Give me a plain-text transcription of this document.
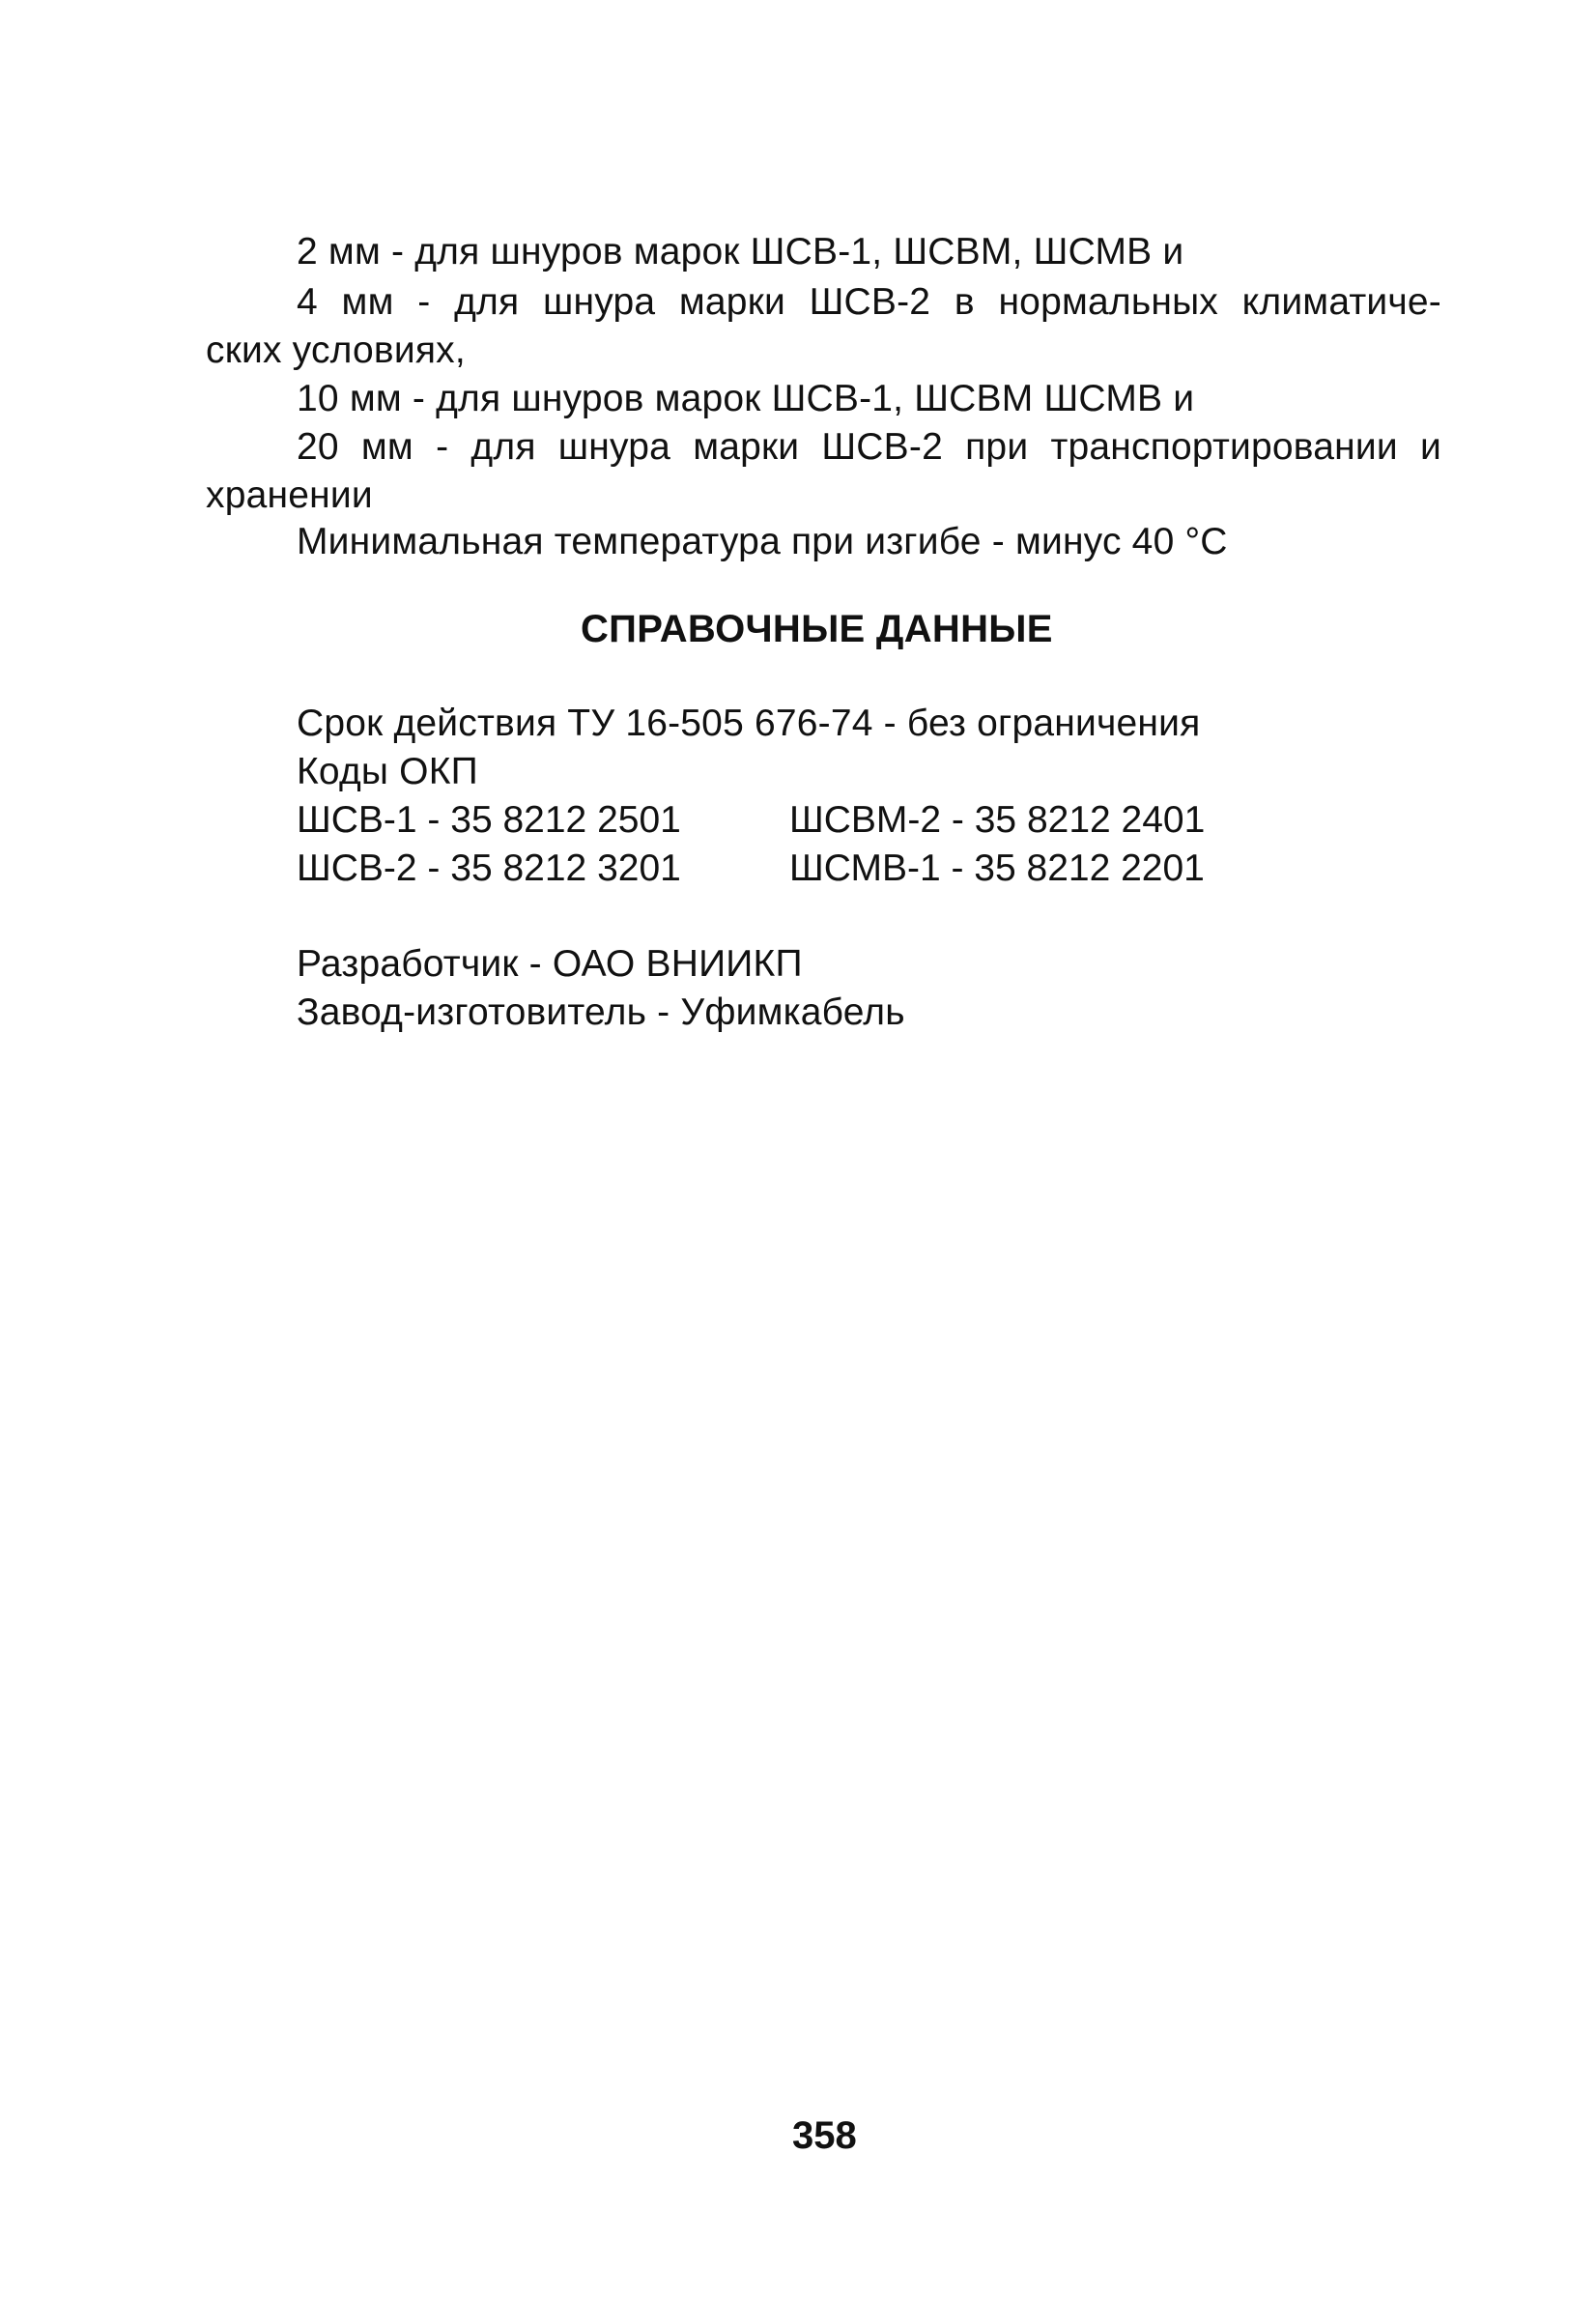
2 мм - для шнуров марок ШСВ-1, ШСВМ, ШСМВ и
4 мм - для шнура марки ШСВ-2 в нормальных климатиче-
ских условиях,
10 мм - для шнуров марок ШСВ-1, ШСВМ ШСМВ и
20 мм - для шнура марки ШСВ-2 при транспортировании и
хранении
Минимальная температура при изгибе - минус 40 °С
СПРАВОЧНЫЕ ДАННЫЕ
Срок действия ТУ 16-505 676-74 - без ограничения
Коды ОКП
ШСВ-1 - 35 8212 2501	ШСВМ-2 - 35 8212 2401
ШСВ-2 - 35 8212 3201	ШСМВ-1 - 35 8212 2201
Разработчик - ОАО ВНИИКП
Завод-изготовитель - Уфимкабель
358
